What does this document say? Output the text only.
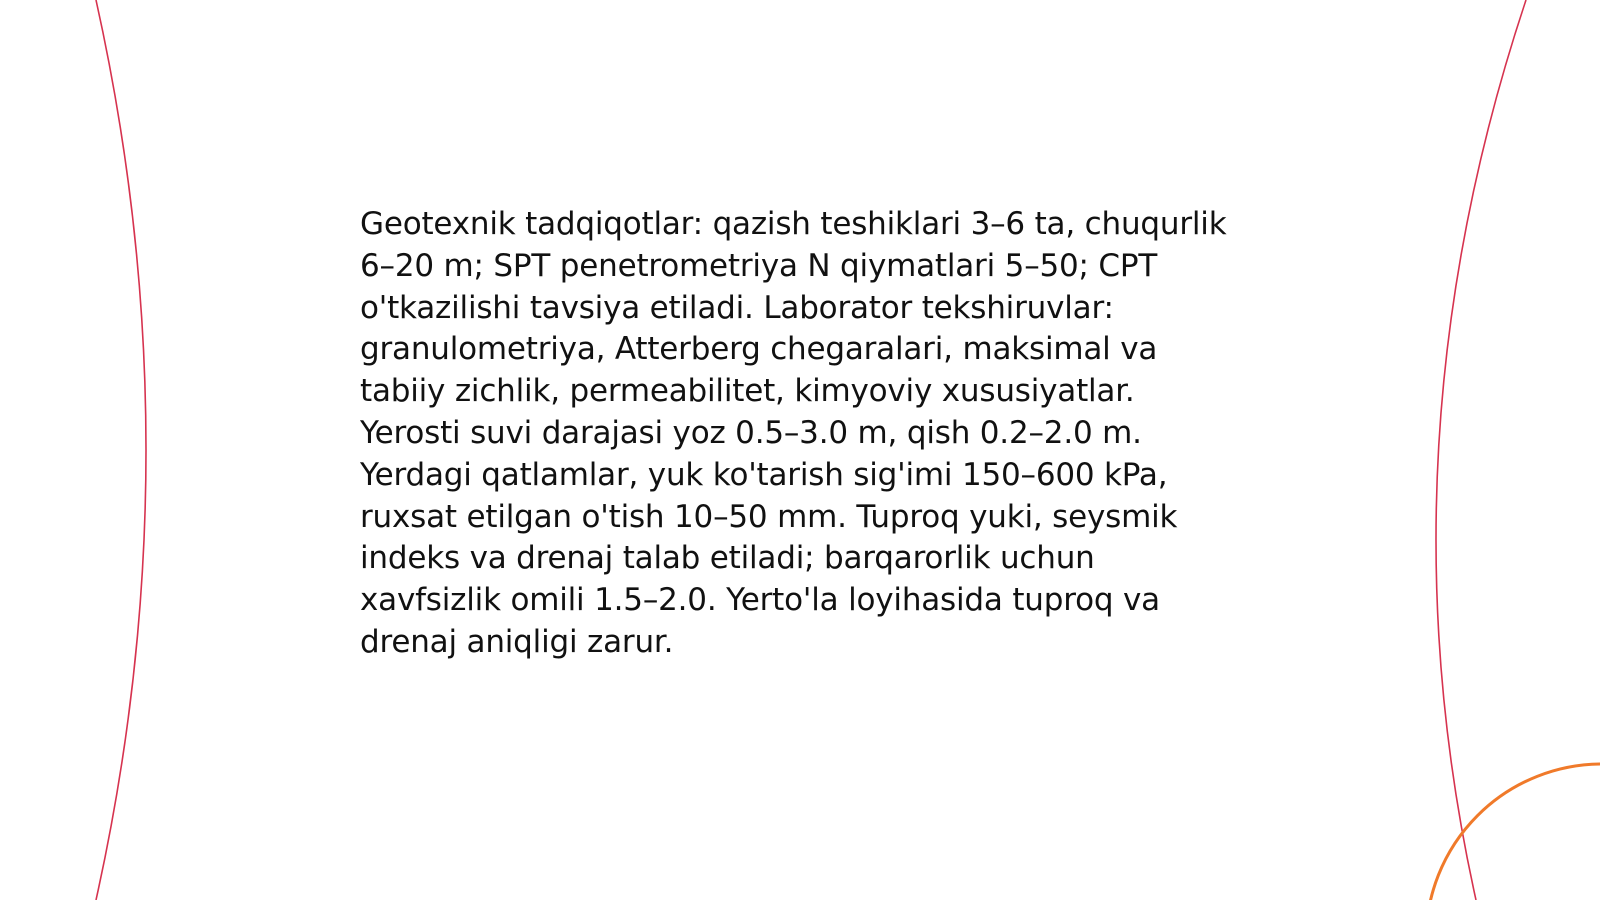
Geotexnik tadqiqotlar: qazish teshiklari 3–6 ta, chuqurlik 6–20 m; SPT penetrometriya N qiymatlari 5–50; CPT o'tkazilishi tavsiya etiladi. Laborator tekshiruvlar: granulometriya, Atterberg chegaralari, maksimal va tabiiy zichlik, permeabilitet, kimyoviy xususiyatlar. Yerosti suvi darajasi yoz 0.5–3.0 m, qish 0.2–2.0 m. Yerdagi qatlamlar, yuk ko'tarish sig'imi 150–600 kPa, ruxsat etilgan o'tish 10–50 mm. Tuproq yuki, seysmik indeks va drenaj talab etiladi; barqarorlik uchun xavfsizlik omili 1.5–2.0. Yerto'la loyihasida tuproq va drenaj aniqligi zarur.
